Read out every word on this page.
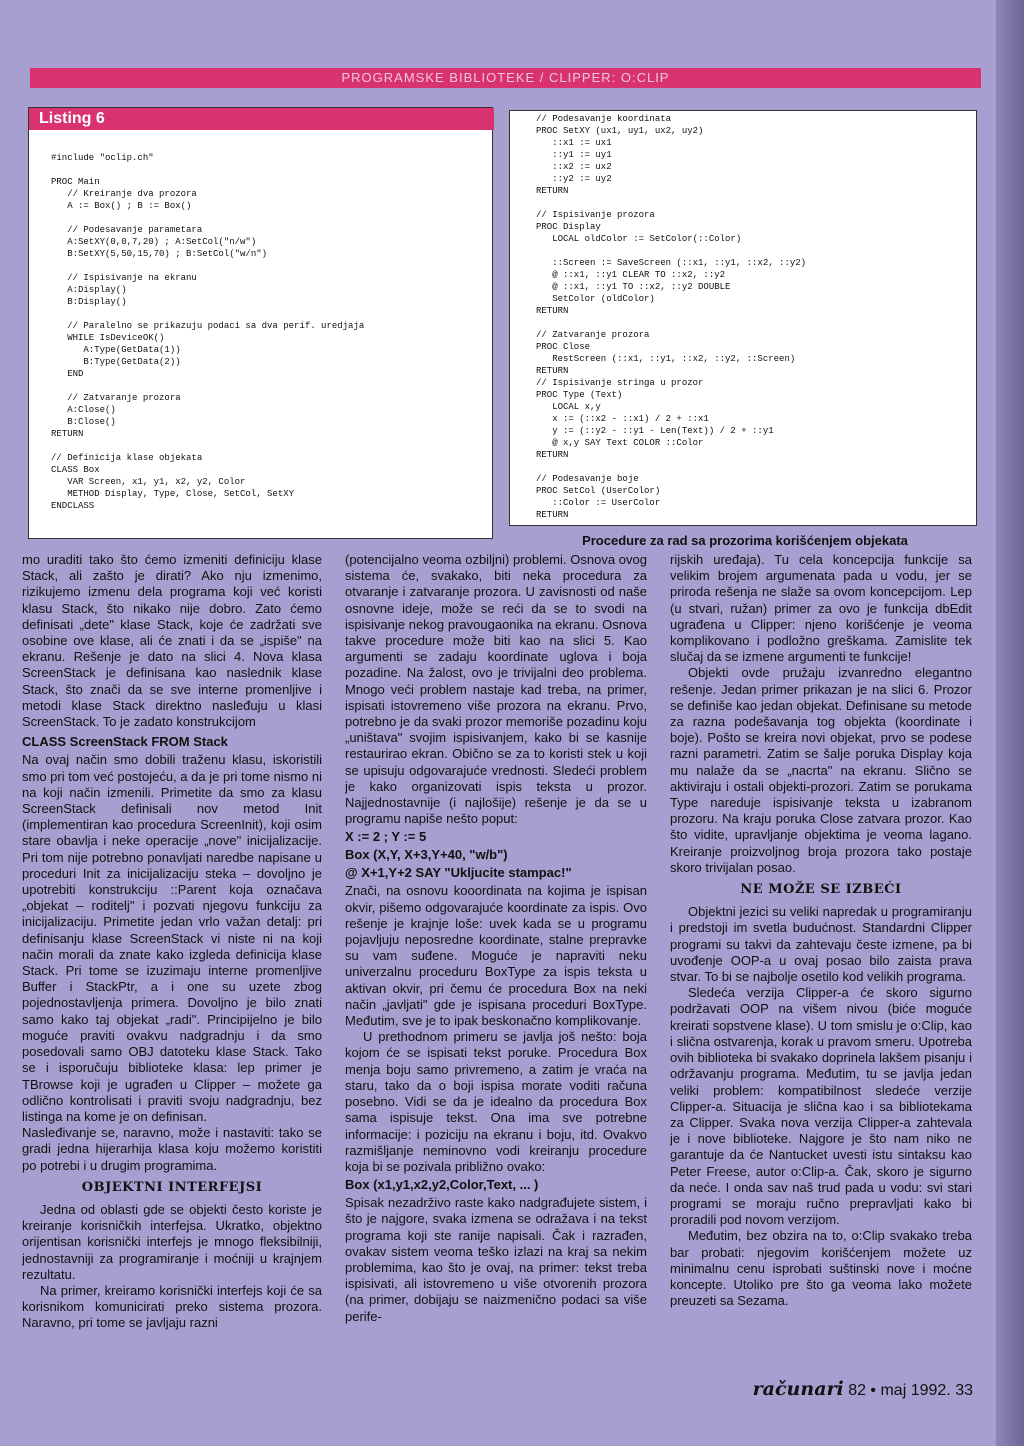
PROGRAMSKE BIBLIOTEKE / CLIPPER: O:CLIP
Listing 6
#include "oclip.ch"

PROC Main
// Kreiranje dva prozora
A := Box() ; B := Box()

// Podesavanje parametara
A:SetXY(0,0,7,20) ; A:SetCol("n/w")
B:SetXY(5,50,15,70) ; B:SetCol("w/n")

// Ispisivanje na ekranu
A:Display()
B:Display()

// Paralelno se prikazuju podaci sa dva perif. uredjaja
WHILE IsDeviceOK()
A:Type(GetData(1))
B:Type(GetData(2))
END

// Zatvaranje prozora
A:Close()
B:Close()
RETURN

// Definicija klase objekata
CLASS Box
VAR Screen, x1, y1, x2, y2, Color
METHOD Display, Type, Close, SetCol, SetXY
ENDCLASS
// Podesavanje koordinata
PROC SetXY (ux1, uy1, ux2, uy2)
::x1 := ux1
::y1 := uy1
::x2 := ux2
::y2 := uy2
RETURN

// Ispisivanje prozora
PROC Display
LOCAL oldColor := SetColor(::Color)

::Screen := SaveScreen (::x1, ::y1, ::x2, ::y2)
@ ::x1, ::y1 CLEAR TO ::x2, ::y2
@ ::x1, ::y1 TO ::x2, ::y2 DOUBLE
SetColor (oldColor)
RETURN

// Zatvaranje prozora
PROC Close
RestScreen (::x1, ::y1, ::x2, ::y2, ::Screen)
RETURN
// Ispisivanje stringa u prozor
PROC Type (Text)
LOCAL x,y
x := (::x2 - ::x1) / 2 + ::x1
y := (::y2 - ::y1 - Len(Text)) / 2 + ::y1
@ x,y SAY Text COLOR ::Color
RETURN

// Podesavanje boje
PROC SetCol (UserColor)
::Color := UserColor
RETURN
Procedure za rad sa prozorima korišćenjem objekata

mo uraditi tako što ćemo izmeniti definiciju klase Stack, ali zašto je dirati? Ako nju izmenimo, rizikujemo izmenu dela programa koji već koristi klasu Stack, što nikako nije dobro. Zato ćemo definisati „dete" klase Stack, koje će zadržati sve osobine ove klase, ali će znati i da se „ispiše" na ekranu. Rešenje je dato na slici 4. Nova klasa ScreenStack je definisana kao naslednik klase Stack, što znači da se sve interne promenljive i metodi klase Stack direktno nasleđuju u klasi ScreenStack. To je zadato konstrukcijom

CLASS ScreenStack FROM Stack

Na ovaj način smo dobili traženu klasu, iskoristili smo pri tom već postojeću, a da je pri tome nismo ni na koji način izmenili. Primetite da smo za klasu ScreenStack definisali nov metod Init (implementiran kao procedura ScreenInit), koji osim stare obavlja i neke operacije „nove" inicijalizacije. Pri tom nije potrebno ponavljati naredbe napisane u proceduri Init za inicijalizaciju steka – dovoljno je upotrebiti konstrukciju ::Parent koja označava „objekat – roditelj" i pozvati njegovu funkciju za inicijalizaciju. Primetite jedan vrlo važan detalj: pri definisanju klase ScreenStack vi niste ni na koji način morali da znate kako izgleda definicija klase Stack. Pri tome se izuzimaju interne promenljive Buffer i StackPtr, a i one su uzete zbog pojednostavljenja primera. Dovoljno je bilo znati samo kako taj objekat „radi". Principijelno je bilo moguće praviti ovakvu nadgradnju i da smo posedovali samo OBJ datoteku klase Stack. Tako se i isporučuju biblioteke klasa: lep primer je TBrowse koji je ugrađen u Clipper – možete ga odlično kontrolisati i praviti svoju nadgradnju, bez listinga na kome je on definisan.

Nasleđivanje se, naravno, može i nastaviti: tako se gradi jedna hijerarhija klasa koju možemo koristiti po potrebi i u drugim programima.

OBJEKTNI INTERFEJSI

Jedna od oblasti gde se objekti često koriste je kreiranje korisničkih interfejsa. Ukratko, objektno orijentisan korisnički interfejs je mnogo fleksibilniji, jednostavniji za programiranje i moćniji u krajnjem rezultatu.

Na primer, kreiramo korisnički interfejs koji će sa korisnikom komunicirati preko sistema prozora. Naravno, pri tome se javljaju razni

(potencijalno veoma ozbiljni) problemi. Osnova ovog sistema će, svakako, biti neka procedura za otvaranje i zatvaranje prozora. U zavisnosti od naše osnovne ideje, može se reći da se to svodi na ispisivanje nekog pravougaonika na ekranu. Osnova takve procedure može biti kao na slici 5. Kao argumenti se zadaju koordinate uglova i boja pozadine. Na žalost, ovo je trivijalni deo problema. Mnogo veći problem nastaje kad treba, na primer, ispisati istovremeno više prozora na ekranu. Prvo, potrebno je da svaki prozor memoriše pozadinu koju „uništava" svojim ispisivanjem, kako bi se kasnije restaurirao ekran. Obično se za to koristi stek u koji se upisuju odgovarajuće vrednosti. Sledeći problem je kako organizovati ispis teksta u prozor. Najjednostavnije (i najlošije) rešenje je da se u programu napiše nešto poput:

X := 2 ; Y := 5

Box (X,Y, X+3,Y+40, "w/b")

@ X+1,Y+2 SAY "Ukljucite stampac!"

Znači, na osnovu kooordinata na kojima je ispisan okvir, pišemo odgovarajuće koordinate za ispis. Ovo rešenje je krajnje loše: uvek kada se u programu pojavljuju neposredne koordinate, stalne prepravke su vam suđene. Moguće je napraviti neku univerzalnu proceduru BoxType za ispis teksta u aktivan okvir, pri čemu će procedura Box na neki način „javljati" gde je ispisana proceduri BoxType. Međutim, sve je to ipak beskonačno komplikovanje.

U prethodnom primeru se javlja još nešto: boja kojom će se ispisati tekst poruke. Procedura Box menja boju samo privremeno, a zatim je vraća na staru, tako da o boji ispisa morate voditi računa posebno. Vidi se da je idealno da procedura Box sama ispisuje tekst. Ona ima sve potrebne informacije: i poziciju na ekranu i boju, itd. Ovakvo razmišljanje neminovno vodi kreiranju procedure koja bi se pozivala približno ovako:

Box (x1,y1,x2,y2,Color,Text, ... )

Spisak nezadrživo raste kako nadgrađujete sistem, i što je najgore, svaka izmena se odražava i na tekst programa koji ste ranije napisali. Čak i razrađen, ovakav sistem veoma teško izlazi na kraj sa nekim problemima, kao što je ovaj, na primer: tekst treba ispisivati, ali istovremeno u više otvorenih prozora (na primer, dobijaju se naizmenično podaci sa više perife-

rijskih uređaja). Tu cela koncepcija funkcije sa velikim brojem argumenata pada u vodu, jer se priroda rešenja ne slaže sa ovom koncepcijom. Lep (u stvari, ružan) primer za ovo je funkcija dbEdit ugrađena u Clipper: njeno korišćenje je veoma komplikovano i podložno greškama. Zamislite tek slučaj da se izmene argumenti te funkcije!

Objekti ovde pružaju izvanredno elegantno rešenje. Jedan primer prikazan je na slici 6. Prozor se definiše kao jedan objekat. Definisane su metode za razna podešavanja tog objekta (koordinate i boje). Pošto se kreira novi objekat, prvo se podese razni parametri. Zatim se šalje poruka Display koja mu nalaže da se „nacrta" na ekranu. Slično se aktiviraju i ostali objekti-prozori. Zatim se porukama Type nareduje ispisivanje teksta u izabranom prozoru. Na kraju poruka Close zatvara prozor. Kao što vidite, upravljanje objektima je veoma lagano. Kreiranje proizvoljnog broja prozora tako postaje skoro trivijalan posao.

NE MOŽE SE IZBEĆI

Objektni jezici su veliki napredak u programiranju i predstoji im svetla budućnost. Standardni Clipper programi su takvi da zahtevaju česte izmene, pa bi uvođenje OOP-a u ovaj posao bilo zaista prava stvar. To bi se najbolje osetilo kod velikih programa.

Sledeća verzija Clipper-a će skoro sigurno podržavati OOP na višem nivou (biće moguće kreirati sopstvene klase). U tom smislu je o:Clip, kao i slična ostvarenja, korak u pravom smeru. Upotreba ovih biblioteka bi svakako doprinela lakšem pisanju i održavanju programa. Međutim, tu se javlja jedan veliki problem: kompatibilnost sledeće verzije Clipper-a. Situacija je slična kao i sa bibliotekama za Clipper. Svaka nova verzija Clipper-a zahtevala je i nove biblioteke. Najgore je što nam niko ne garantuje da će Nantucket uvesti istu sintaksu kao Peter Freese, autor o:Clip-a. Čak, skoro je sigurno da neće. I onda sav naš trud pada u vodu: svi stari programi se moraju ručno prepravljati kako bi proradili pod novom verzijom.

Međutim, bez obzira na to, o:Clip svakako treba bar probati: njegovim korišćenjem možete uz minimalnu cenu isprobati suštinski nove i moćne koncepte. Utoliko pre što ga veoma lako možete preuzeti sa Sezama.

računari 82 • maj 1992. 33
